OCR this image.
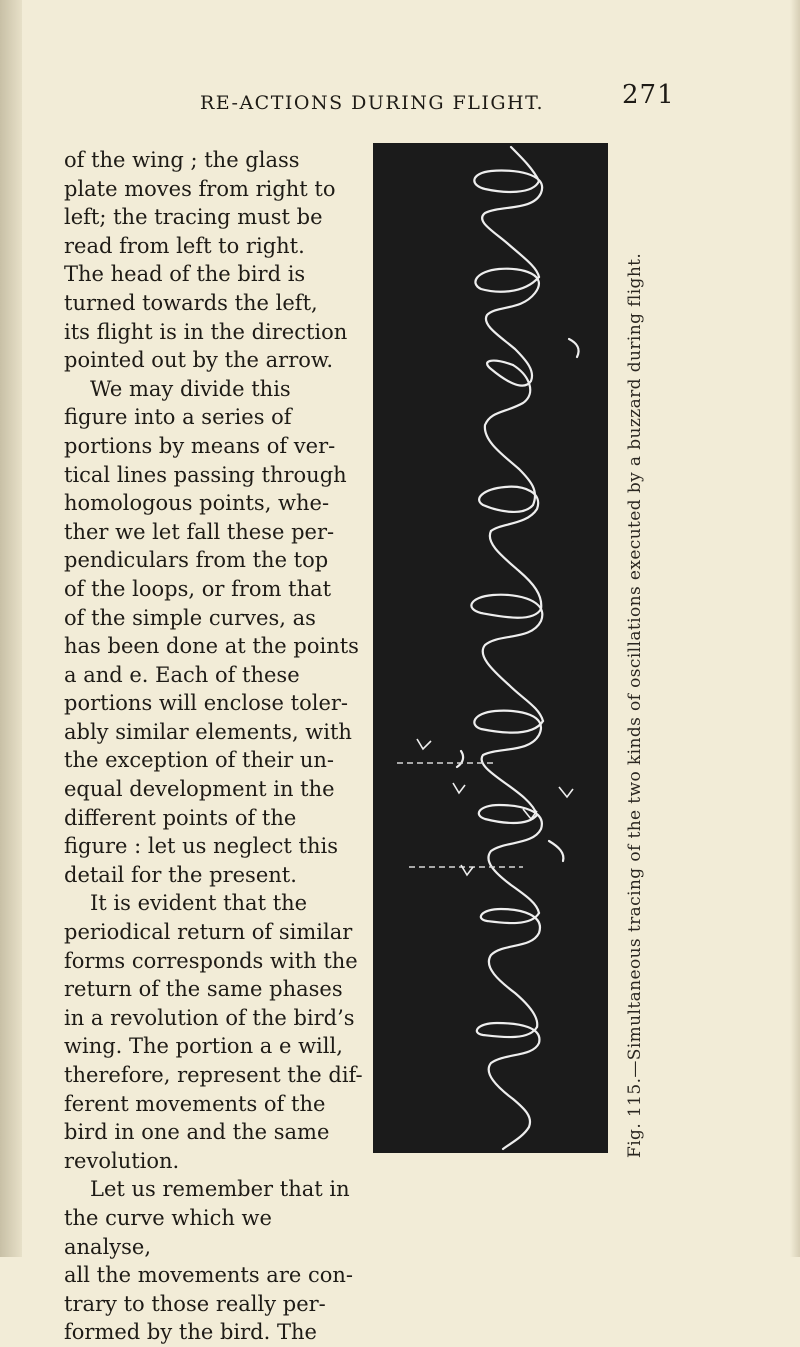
RE-ACTIONS DURING FLIGHT.	271

of the wing ; the glass

plate moves from right to

left; the tracing must be

read from left to right.

The head of the bird is

turned towards the left,

its flight is in the direction

pointed out by the arrow.

We may divide this

figure into a series of

portions by means of ver-

tical lines passing through

homologous points, whe-

ther we let fall these per-

pendiculars from the top

of the loops, or from that

of the simple curves, as

has been done at the points

a and e. Each of these

portions will enclose toler-

ably similar elements, with

the exception of their un-

equal development in the

different points of the

figure : let us neglect this

detail for the present.

It is evident that the

periodical return of similar

forms corresponds with the

return of the same phases

in a revolution of the bird’s

wing. The portion a e will,

therefore, represent the dif-

ferent movements of the

bird in one and the same

revolution.

Let us remember that in

the curve which we analyse,

all the movements are con-

trary to those really per-

formed by the bird. The

Fig. 115.—Simultaneous tracing of the two kinds of oscillations executed by a buzzard during flight.
